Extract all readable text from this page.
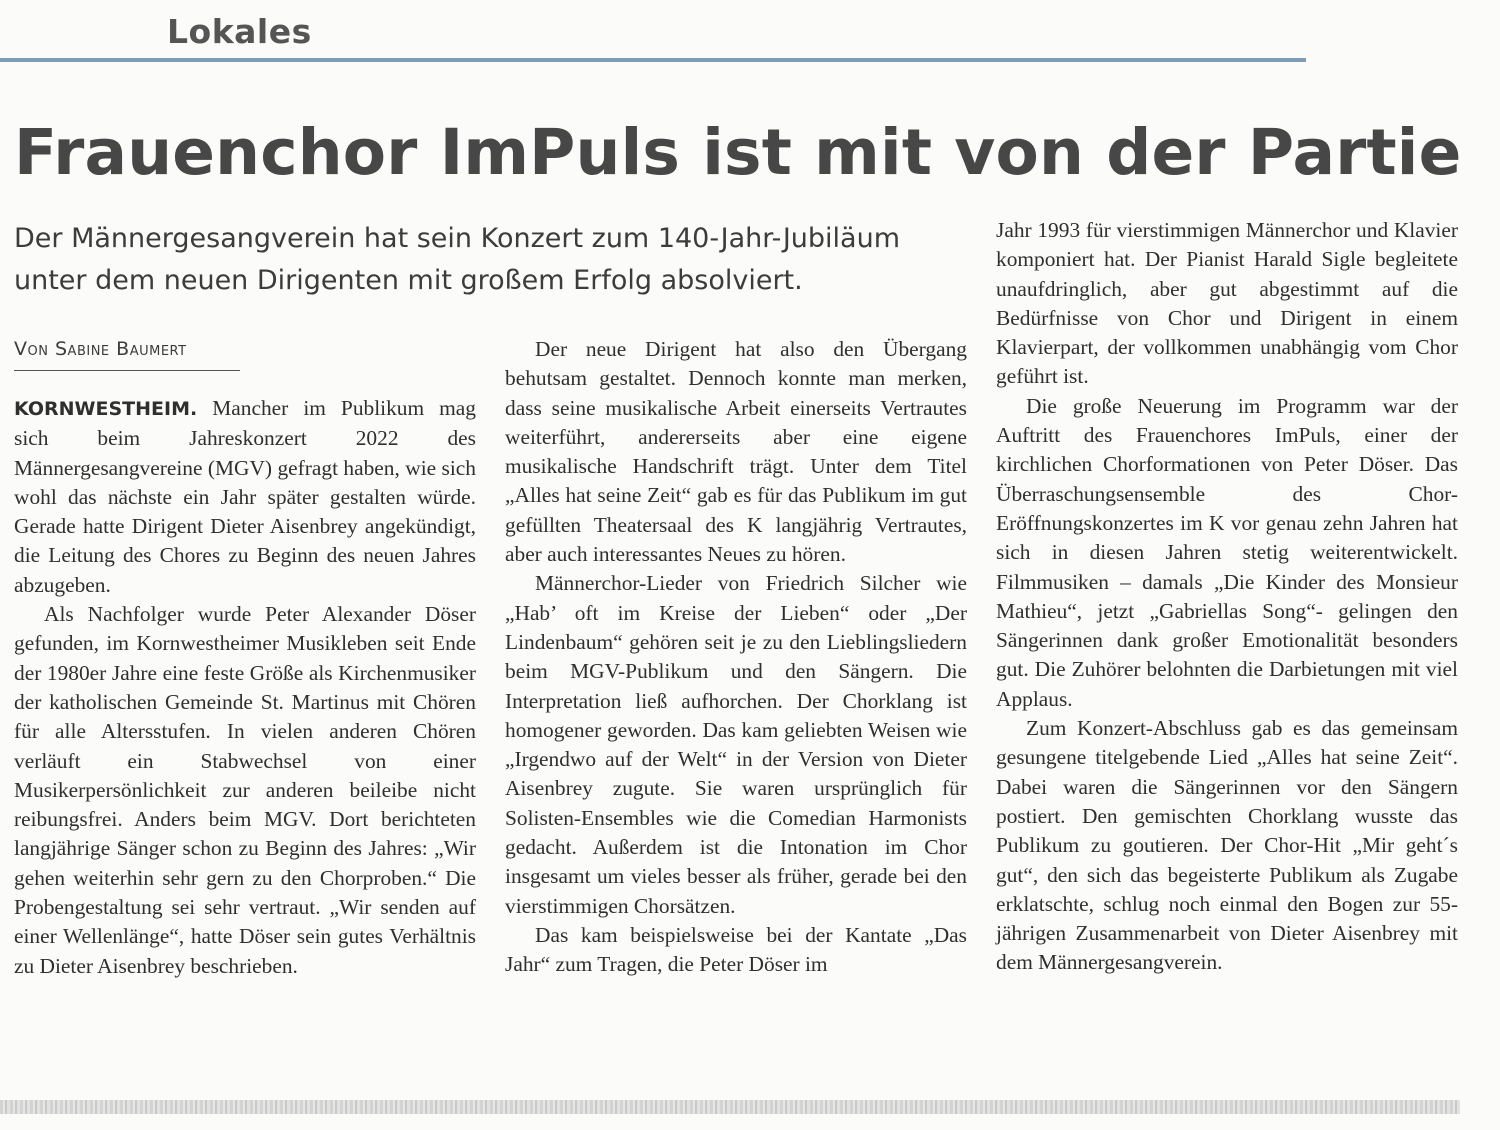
Lokales
Frauenchor ImPuls ist mit von der Partie
Der Männergesangverein hat sein Konzert zum 140-Jahr-Jubiläum unter dem neuen Dirigenten mit großem Erfolg absolviert.
Von Sabine Baumert

KORNWESTHEIM. Mancher im Publikum mag sich beim Jahreskonzert 2022 des Männergesangvereine (MGV) gefragt haben, wie sich wohl das nächste ein Jahr später gestalten würde. Gerade hatte Dirigent Dieter Aisenbrey angekündigt, die Leitung des Chores zu Beginn des neuen Jahres abzugeben.

Als Nachfolger wurde Peter Alexander Döser gefunden, im Kornwestheimer Musikleben seit Ende der 1980er Jahre eine feste Größe als Kirchenmusiker der katholischen Gemeinde St. Martinus mit Chören für alle Altersstufen. In vielen anderen Chören verläuft ein Stabwechsel von einer Musikerpersönlichkeit zur anderen beileibe nicht reibungsfrei. Anders beim MGV. Dort berichteten langjährige Sänger schon zu Beginn des Jahres: „Wir gehen weiterhin sehr gern zu den Chorproben.“ Die Probengestaltung sei sehr vertraut. „Wir senden auf einer Wellenlänge“, hatte Döser sein gutes Verhältnis zu Dieter Aisenbrey beschrieben.

Der neue Dirigent hat also den Übergang behutsam gestaltet. Dennoch konnte man merken, dass seine musikalische Arbeit einerseits Vertrautes weiterführt, andererseits aber eine eigene musikalische Handschrift trägt. Unter dem Titel „Alles hat seine Zeit“ gab es für das Publikum im gut gefüllten Theatersaal des K langjährig Vertrautes, aber auch interessantes Neues zu hören.

Männerchor-Lieder von Friedrich Silcher wie „Hab’ oft im Kreise der Lieben“ oder „Der Lindenbaum“ gehören seit je zu den Lieblingsliedern beim MGV-Publikum und den Sängern. Die Interpretation ließ aufhorchen. Der Chorklang ist homogener geworden. Das kam geliebten Weisen wie „Irgendwo auf der Welt“ in der Version von Dieter Aisenbrey zugute. Sie waren ursprünglich für Solisten-Ensembles wie die Comedian Harmonists gedacht. Außerdem ist die Intonation im Chor insgesamt um vieles besser als früher, gerade bei den vierstimmigen Chorsätzen.

Das kam beispielsweise bei der Kantate „Das Jahr“ zum Tragen, die Peter Döser im

Jahr 1993 für vierstimmigen Männerchor und Klavier komponiert hat. Der Pianist Harald Sigle begleitete unaufdringlich, aber gut abgestimmt auf die Bedürfnisse von Chor und Dirigent in einem Klavierpart, der vollkommen unabhängig vom Chor geführt ist.

Die große Neuerung im Programm war der Auftritt des Frauenchores ImPuls, einer der kirchlichen Chorformationen von Peter Döser. Das Überraschungsensemble des Chor-Eröffnungskonzertes im K vor genau zehn Jahren hat sich in diesen Jahren stetig weiterentwickelt. Filmmusiken – damals „Die Kinder des Monsieur Mathieu“, jetzt „Gabriellas Song“- gelingen den Sängerinnen dank großer Emotionalität besonders gut. Die Zuhörer belohnten die Darbietungen mit viel Applaus.

Zum Konzert-Abschluss gab es das gemeinsam gesungene titelgebende Lied „Alles hat seine Zeit“. Dabei waren die Sängerinnen vor den Sängern postiert. Den gemischten Chorklang wusste das Publikum zu goutieren. Der Chor-Hit „Mir geht´s gut“, den sich das begeisterte Publikum als Zugabe erklatschte, schlug noch einmal den Bogen zur 55-jährigen Zusammenarbeit von Dieter Aisenbrey mit dem Männergesangverein.
